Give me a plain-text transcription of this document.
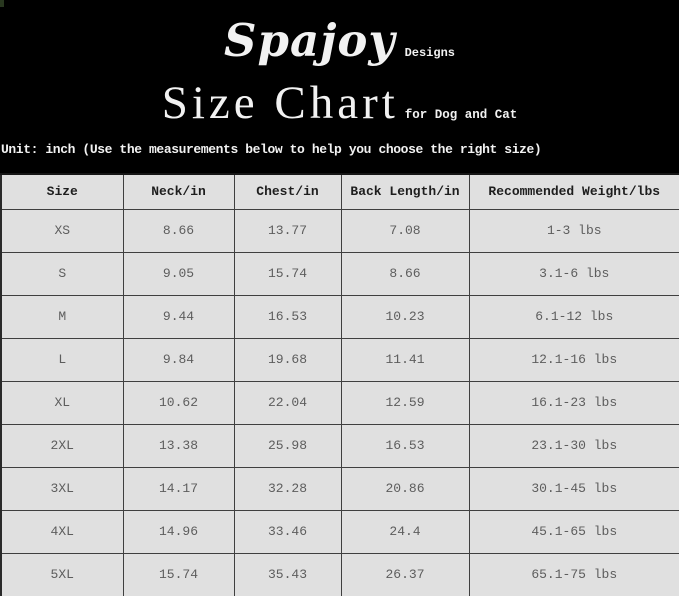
Spajoy Designs
Size Chart for Dog and Cat
Unit: inch (Use the measurements below to help you choose the right size)
Size	Neck/in	Chest/in	Back Length/in	Recommended Weight/lbs
XS	8.66	13.77	7.08	1-3 lbs
S	9.05	15.74	8.66	3.1-6 lbs
M	9.44	16.53	10.23	6.1-12 lbs
L	9.84	19.68	11.41	12.1-16 lbs
XL	10.62	22.04	12.59	16.1-23 lbs
2XL	13.38	25.98	16.53	23.1-30 lbs
3XL	14.17	32.28	20.86	30.1-45 lbs
4XL	14.96	33.46	24.4	45.1-65 lbs
5XL	15.74	35.43	26.37	65.1-75 lbs
